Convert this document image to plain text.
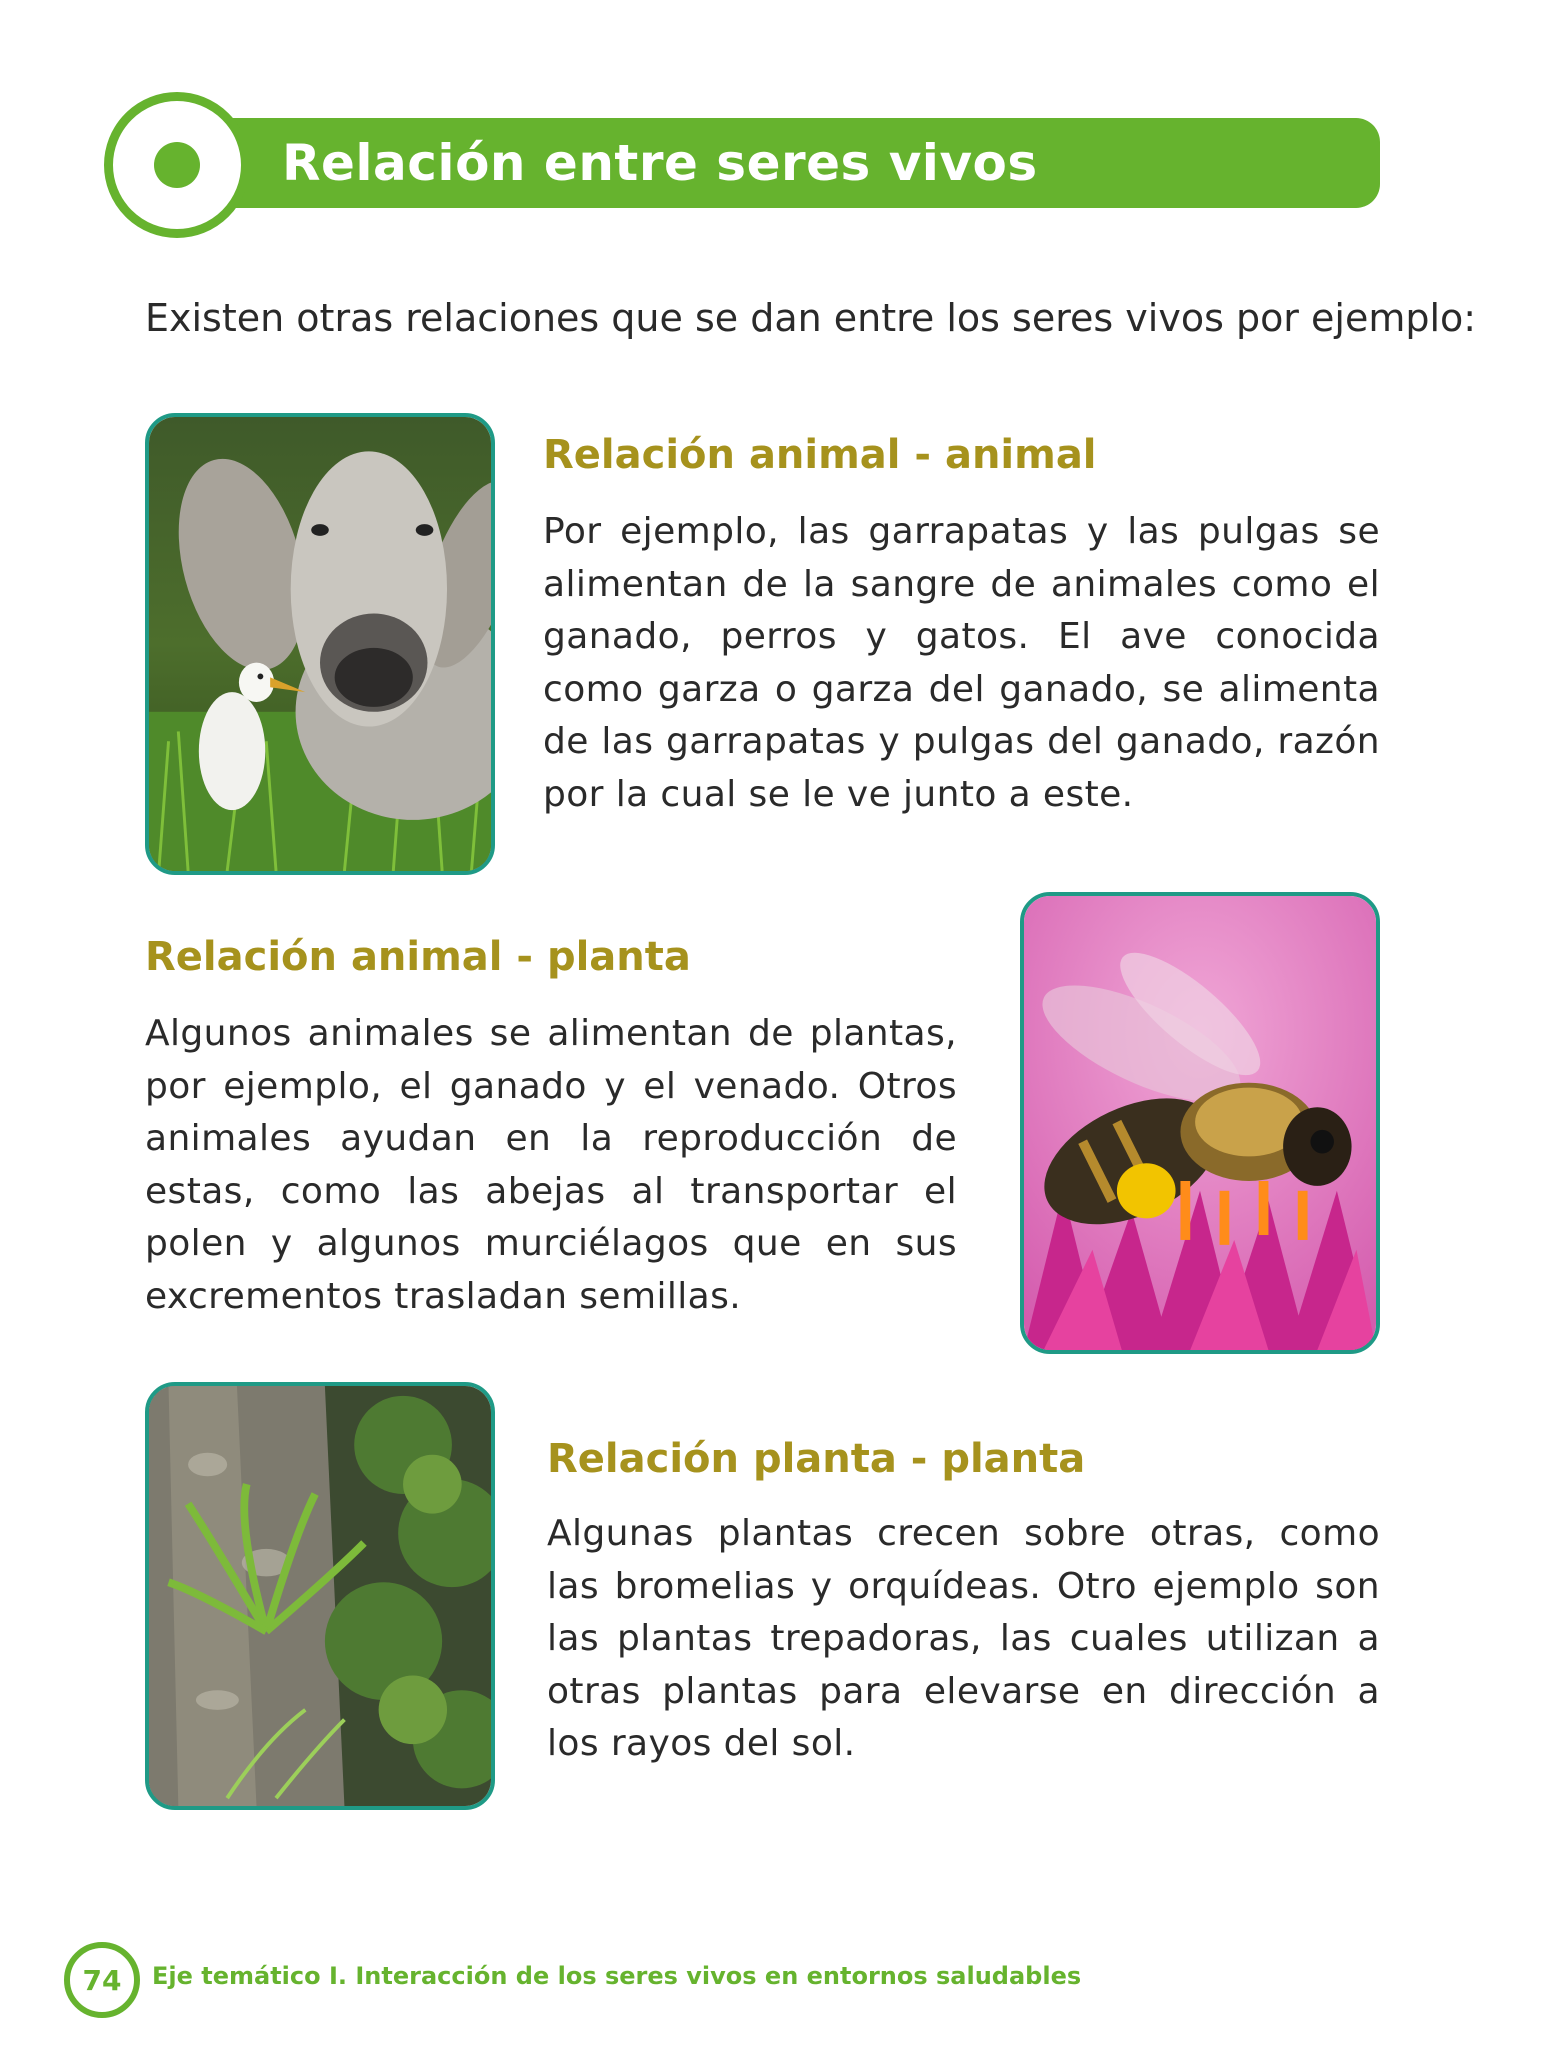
Relación entre seres vivos
Existen otras relaciones que se dan entre los seres vivos por ejemplo:
Relación animal - animal
Por ejemplo, las garrapatas y las pulgas se alimentan de la sangre de animales como el ganado, perros y gatos. El ave conocida como garza o garza del ganado, se alimenta de las garrapatas y pulgas del ganado, razón por la cual se le ve junto a este.
Relación animal - planta
Algunos animales se alimentan de plantas, por ejemplo, el ganado y el venado. Otros animales ayudan en la reproducción de estas, como las abejas al transportar el polen y algunos murciélagos que en sus excrementos trasladan semillas.
Relación planta - planta
Algunas plantas crecen sobre otras, como las bromelias y orquídeas. Otro ejemplo son las plantas trepadoras, las cuales utilizan a otras plantas para elevarse en dirección a los rayos del sol.
74 Eje temático I. Interacción de los seres vivos en entornos saludables
